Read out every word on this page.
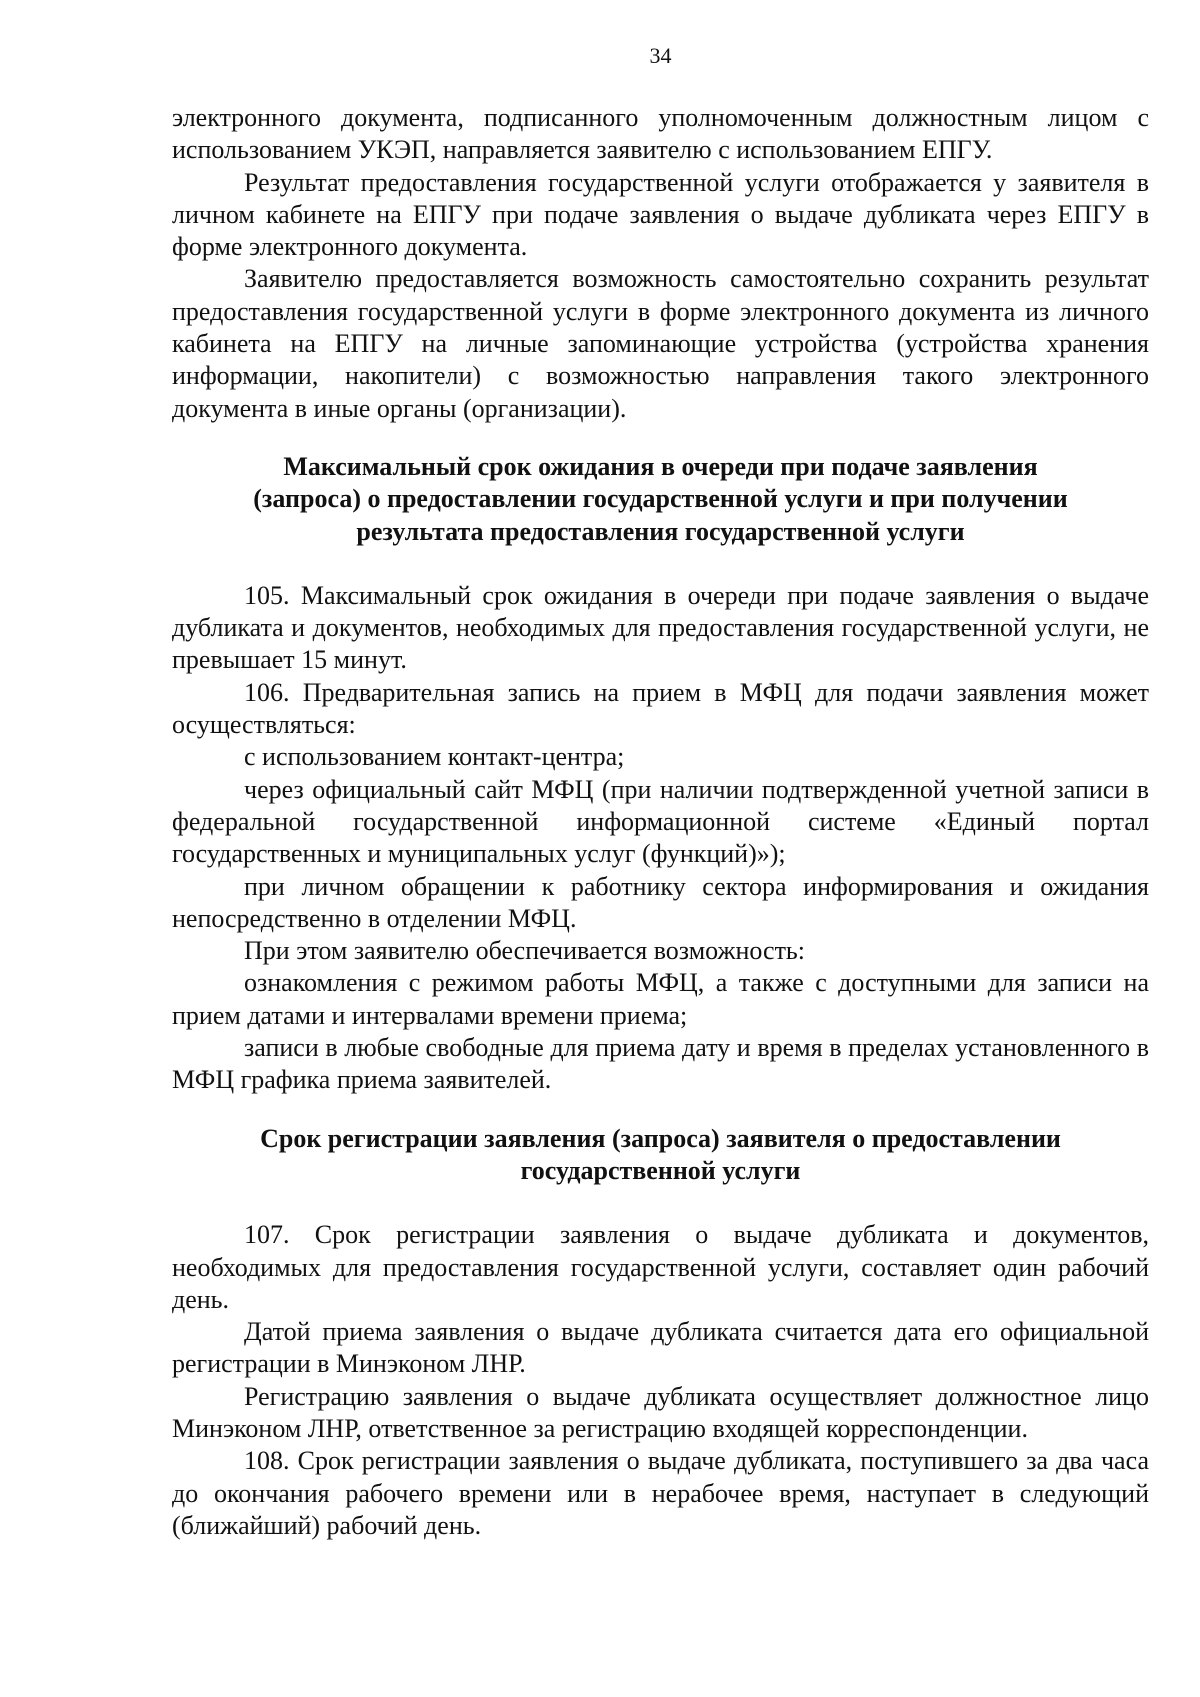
34

электронного документа, подписанного уполномоченным должностным лицом с использованием УКЭП, направляется заявителю с использованием ЕПГУ.

Результат предоставления государственной услуги отображается у заявителя в личном кабинете на ЕПГУ при подаче заявления о выдаче дубликата через ЕПГУ в форме электронного документа.

Заявителю предоставляется возможность самостоятельно сохранить результат предоставления государственной услуги в форме электронного документа из личного кабинета на ЕПГУ на личные запоминающие устройства (устройства хранения информации, накопители) с возможностью направления такого электронного документа в иные органы (организации).

Максимальный срок ожидания в очереди при подаче заявления
(запроса) о предоставлении государственной услуги и при получении
результата предоставления государственной услуги

105. Максимальный срок ожидания в очереди при подаче заявления о выдаче дубликата и документов, необходимых для предоставления государственной услуги, не превышает 15 минут.

106. Предварительная запись на прием в МФЦ для подачи заявления может осуществляться:

с использованием контакт-центра;

через официальный сайт МФЦ (при наличии подтвержденной учетной записи в федеральной государственной информационной системе «Единый портал государственных и муниципальных услуг (функций)»);

при личном обращении к работнику сектора информирования и ожидания непосредственно в отделении МФЦ.

При этом заявителю обеспечивается возможность:

ознакомления с режимом работы МФЦ, а также с доступными для записи на прием датами и интервалами времени приема;

записи в любые свободные для приема дату и время в пределах установленного в МФЦ графика приема заявителей.

Срок регистрации заявления (запроса) заявителя о предоставлении
государственной услуги

107. Срок регистрации заявления о выдаче дубликата и документов, необходимых для предоставления государственной услуги, составляет один рабочий день.

Датой приема заявления о выдаче дубликата считается дата его официальной регистрации в Минэконом ЛНР.

Регистрацию заявления о выдаче дубликата осуществляет должностное лицо Минэконом ЛНР, ответственное за регистрацию входящей корреспонденции.

108. Срок регистрации заявления о выдаче дубликата, поступившего за два часа до окончания рабочего времени или в нерабочее время, наступает в следующий (ближайший) рабочий день.
